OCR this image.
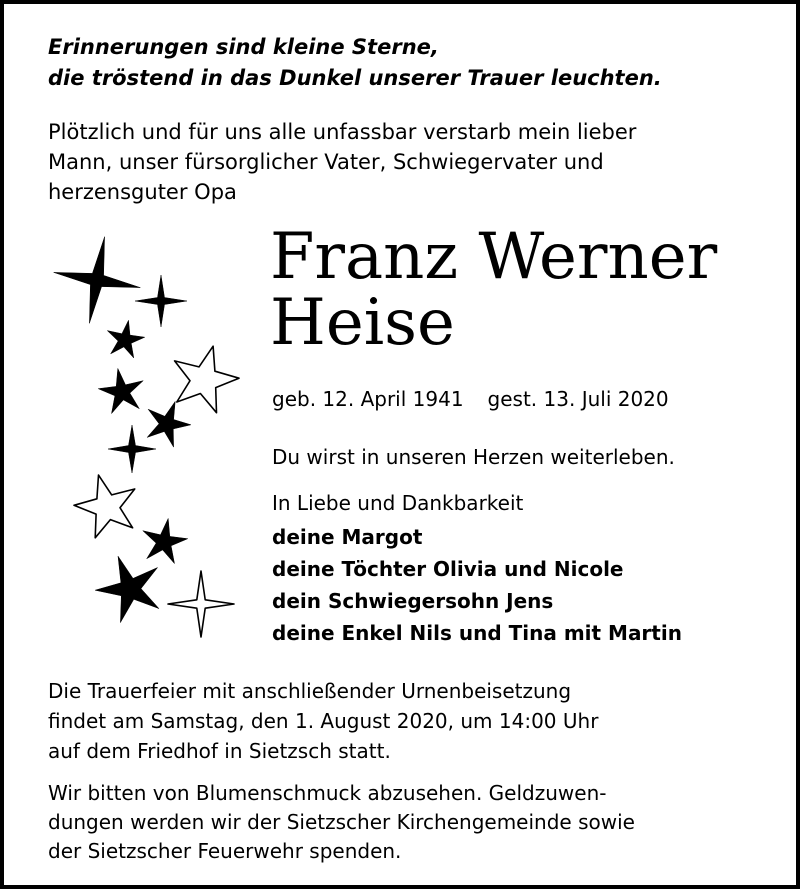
Erinnerungen sind kleine Sterne,
die tröstend in das Dunkel unserer Trauer leuchten.

Plötzlich und für uns alle unfassbar verstarb mein lieber
Mann, unser fürsorglicher Vater, Schwiegervater und
herzensguter Opa

Franz Werner
Heise

geb. 12. April 1941 gest. 13. Juli 2020

Du wirst in unseren Herzen weiterleben.

In Liebe und Dankbarkeit

deine Margot

deine Töchter Olivia und Nicole

dein Schwiegersohn Jens

deine Enkel Nils und Tina mit Martin

Die Trauerfeier mit anschließender Urnenbeisetzung
findet am Samstag, den 1. August 2020, um 14:00 Uhr
auf dem Friedhof in Sietzsch statt.

Wir bitten von Blumenschmuck abzusehen. Geldzuwen-
dungen werden wir der Sietzscher Kirchengemeinde sowie
der Sietzscher Feuerwehr spenden.
